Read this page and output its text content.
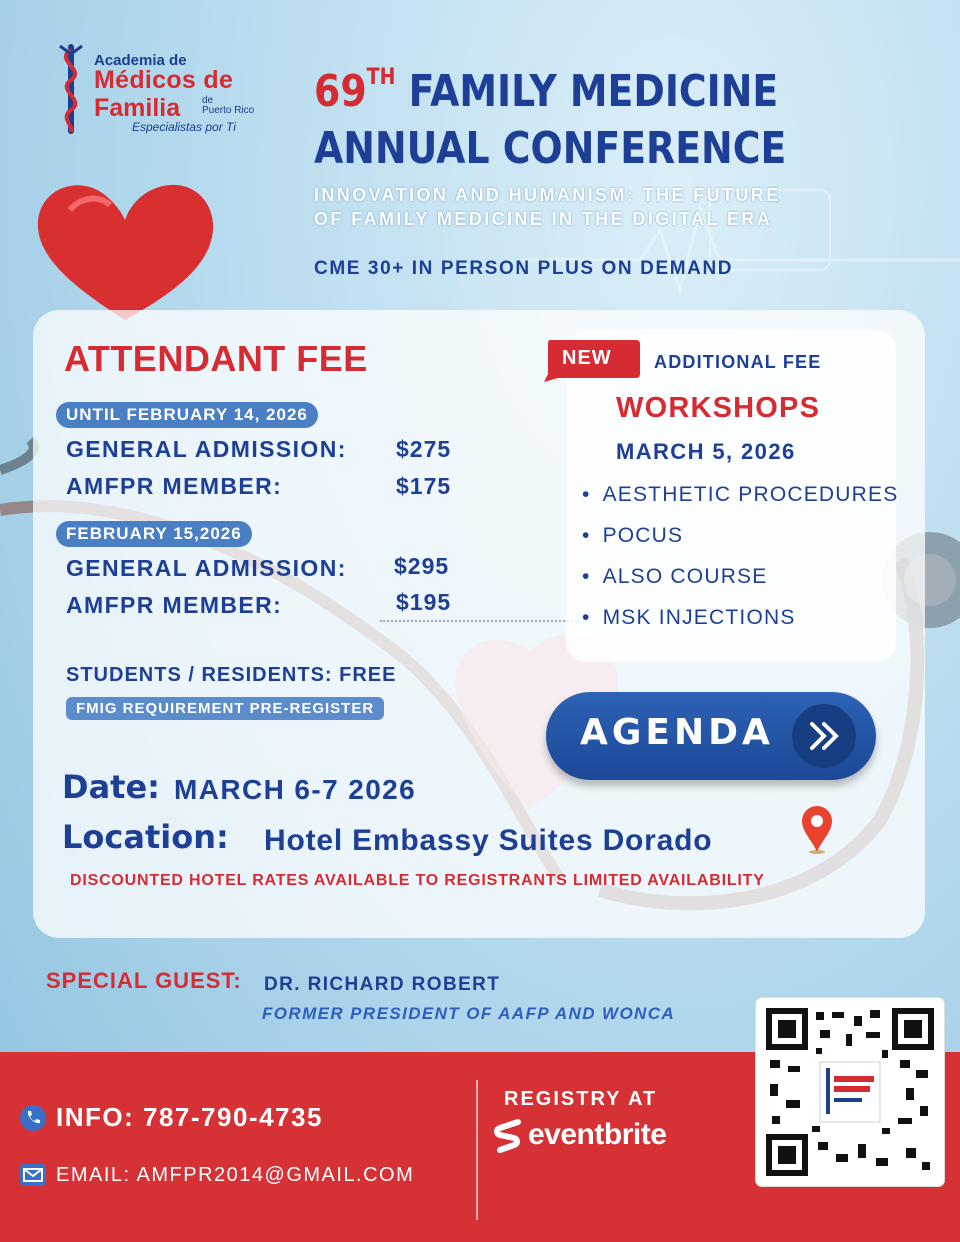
Academia de
Médicos de
Familia de
Puerto Rico
Especialistas por Ti
69TH FAMILY MEDICINE
ANNUAL CONFERENCE
INNOVATION AND HUMANISM: THE FUTURE
OF FAMILY MEDICINE IN THE DIGITAL ERA
CME 30+ IN PERSON PLUS ON DEMAND
ATTENDANT FEE
UNTIL FEBRUARY 14, 2026
GENERAL ADMISSION: $275
AMFPR MEMBER:	$175
FEBRUARY 15,2026
GENERAL ADMISSION: $295
AMFPR MEMBER:	$195
STUDENTS / RESIDENTS: FREE
FMIG REQUIREMENT PRE-REGISTER
NEW ADDITIONAL FEE
WORKSHOPS
MARCH 5, 2026
• AESTHETIC PROCEDURES
• POCUS
• ALSO COURSE
• MSK INJECTIONS
AGENDA
Date: MARCH 6-7 2026
Location: Hotel Embassy Suites Dorado
DISCOUNTED HOTEL RATES AVAILABLE TO REGISTRANTS LIMITED AVAILABILITY
SPECIAL GUEST: DR. RICHARD ROBERT
FORMER PRESIDENT OF AAFP AND WONCA
INFO: 787-790-4735
EMAIL: AMFPR2014@GMAIL.COM
REGISTRY AT
eventbrite
